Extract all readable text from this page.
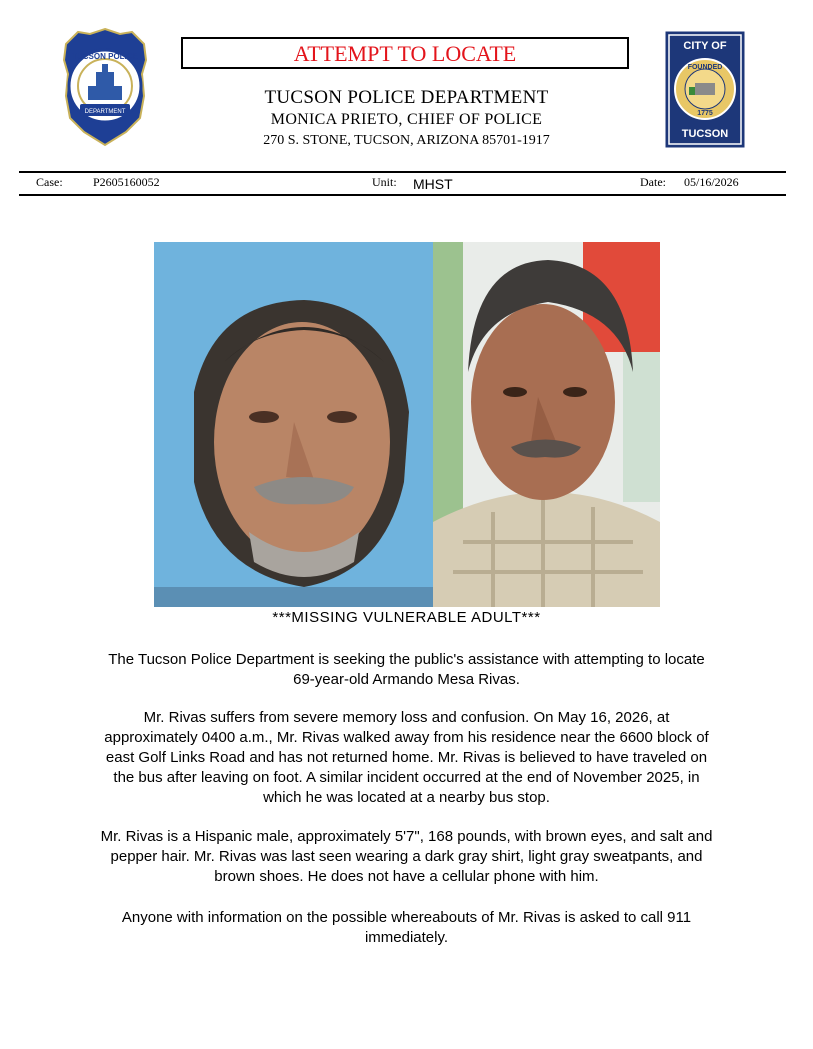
DEPARTMENT
TUCSON POLICE	ATTEMPT TO LOCATE
TUCSON POLICE DEPARTMENT
MONICA PRIETO, CHIEF OF POLICE
270 S. STONE, TUCSON, ARIZONA 85701-1917
CITY OF
FOUNDED
1775
TUCSON
Case:	P2605160052	Unit: MHST	Date: 05/16/2026
***MISSING VULNERABLE ADULT***
The Tucson Police Department is seeking the public's assistance with attempting to locate
69-year-old Armando Mesa Rivas.
Mr. Rivas suffers from severe memory loss and confusion. On May 16, 2026, at
approximately 0400 a.m., Mr. Rivas walked away from his residence near the 6600 block of
east Golf Links Road and has not returned home. Mr. Rivas is believed to have traveled on
the bus after leaving on foot. A similar incident occurred at the end of November 2025, in
which he was located at a nearby bus stop.
Mr. Rivas is a Hispanic male, approximately 5'7", 168 pounds, with brown eyes, and salt and
pepper hair. Mr. Rivas was last seen wearing a dark gray shirt, light gray sweatpants, and
brown shoes. He does not have a cellular phone with him.
Anyone with information on the possible whereabouts of Mr. Rivas is asked to call 911
immediately.
